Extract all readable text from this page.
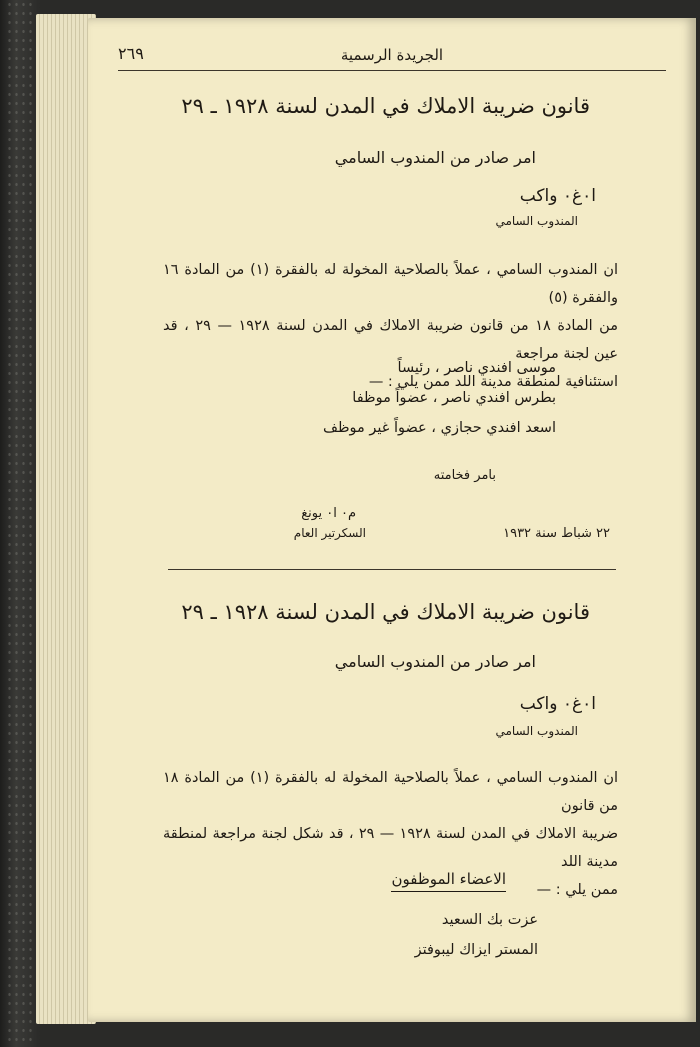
الجريدة الرسمية
٢٦٩
قانون ضريبة الاملاك في المدن لسنة ١٩٢٨ ـ ٢٩
امر صادر من المندوب السامي
ا٠غ٠ واكب
المندوب السامي
ان المندوب السامي ، عملاً بالصلاحية المخولة له بالفقرة (١) من المادة ١٦ والفقرة (٥)
من المادة ١٨ من قانون ضريبة الاملاك في المدن لسنة ١٩٢٨ — ٢٩ ، قد عين لجنة مراجعة
استئنافية لمنطقة مدينة اللد ممن يلي : —
موسى افندي ناصر ، رئيساً
بطرس افندي ناصر ، عضواً موظفا
اسعد افندي حجازي ، عضواً غير موظف
بامر فخامته
٢٢ شباط سنة ١٩٣٢
م٠ ا٠ يونغ
السكرتير العام
قانون ضريبة الاملاك في المدن لسنة ١٩٢٨ ـ ٢٩
امر صادر من المندوب السامي
ا٠غ٠ واكب
المندوب السامي
ان المندوب السامي ، عملاً بالصلاحية المخولة له بالفقرة (١) من المادة ١٨ من قانون
ضريبة الاملاك في المدن لسنة ١٩٢٨ — ٢٩ ، قد شكل لجنة مراجعة لمنطقة مدينة اللد
ممن يلي : —
الاعضاء الموظفون
عزت بك السعيد
المستر ايزاك ليبوفتز
